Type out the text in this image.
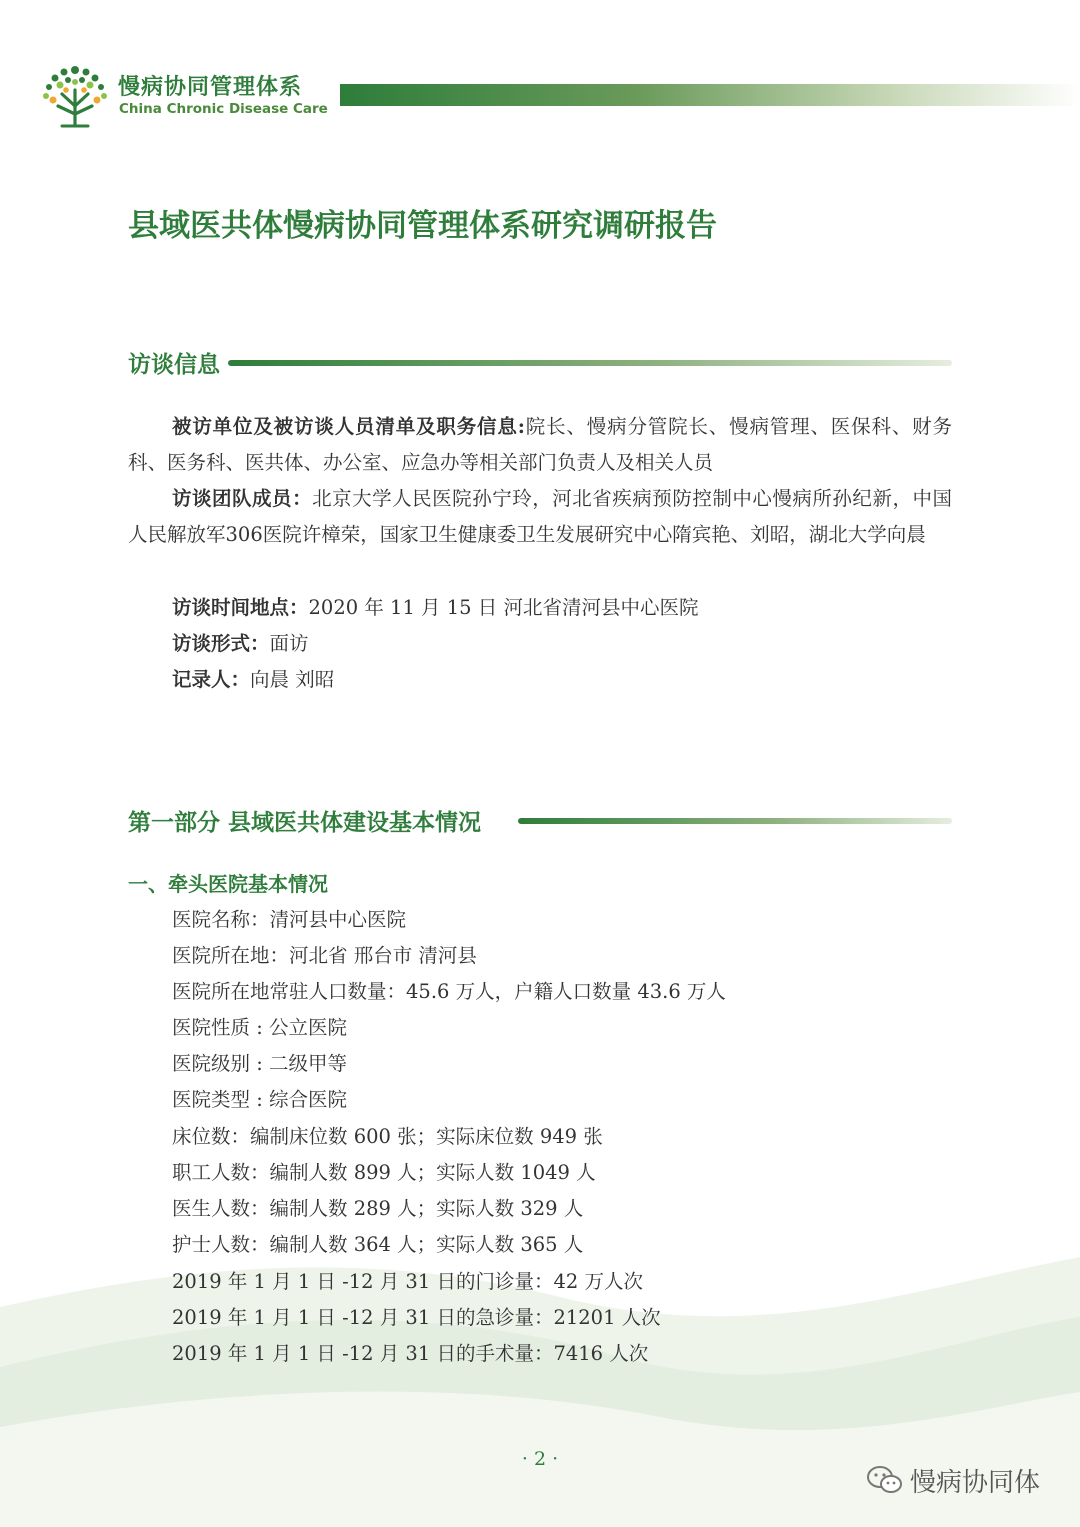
慢病协同管理体系
China Chronic Disease Care
县域医共体慢病协同管理体系研究调研报告
访谈信息
被访单位及被访谈人员清单及职务信息:院长、慢病分管院长、慢病管理、医保科、财务科、医务科、医共体、办公室、应急办等相关部门负责人及相关人员
访谈团队成员：北京大学人民医院孙宁玲，河北省疾病预防控制中心慢病所孙纪新，中国人民解放军306医院许樟荣，国家卫生健康委卫生发展研究中心隋宾艳、刘昭，湖北大学向晨
访谈时间地点：2020 年 11 月 15 日 河北省清河县中心医院
访谈形式：面访
记录人：向晨 刘昭
第一部分 县域医共体建设基本情况
一、牵头医院基本情况
医院名称：清河县中心医院
医院所在地：河北省 邢台市 清河县
医院所在地常驻人口数量：45.6 万人，户籍人口数量 43.6 万人
医院性质 : 公立医院
医院级别 : 二级甲等
医院类型 : 综合医院
床位数：编制床位数 600 张；实际床位数 949 张
职工人数：编制人数 899 人；实际人数 1049 人
医生人数：编制人数 289 人；实际人数 329 人
护士人数：编制人数 364 人；实际人数 365 人
2019 年 1 月 1 日 -12 月 31 日的门诊量：42 万人次
2019 年 1 月 1 日 -12 月 31 日的急诊量：21201 人次
2019 年 1 月 1 日 -12 月 31 日的手术量：7416 人次
· 2 ·
慢病协同体
